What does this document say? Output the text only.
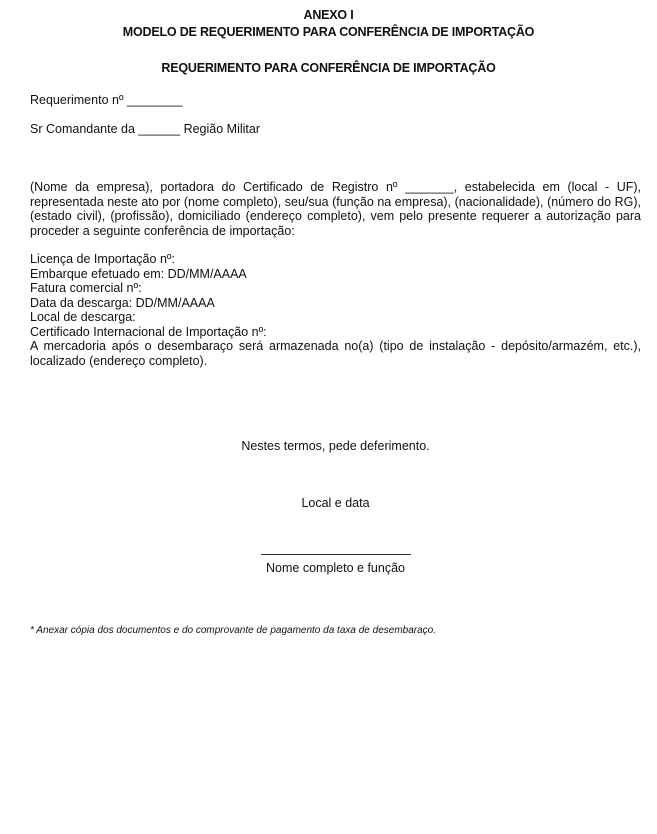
ANEXO I
MODELO DE REQUERIMENTO PARA CONFERÊNCIA DE IMPORTAÇÃO
REQUERIMENTO PARA CONFERÊNCIA DE IMPORTAÇÃO
Requerimento nº ________
Sr Comandante da ______ Região Militar
(Nome da empresa), portadora do Certificado de Registro nº _______, estabelecida em (local - UF), representada neste ato por (nome completo), seu/sua (função na empresa), (nacionalidade), (número do RG), (estado civil), (profissão), domiciliado (endereço completo), vem pelo presente requerer a autorização para proceder a seguinte conferência de importação:
Licença de Importação nº:
Embarque efetuado em: DD/MM/AAAA
Fatura comercial nº:
Data da descarga: DD/MM/AAAA
Local de descarga:
Certificado Internacional de Importação nº:
A mercadoria após o desembaraço será armazenada no(a) (tipo de instalação - depósito/armazém, etc.), localizado (endereço completo).
Nestes termos, pede deferimento.
Local e data
Nome completo e função
* Anexar cópia dos documentos e do comprovante de pagamento da taxa de desembaraço.
